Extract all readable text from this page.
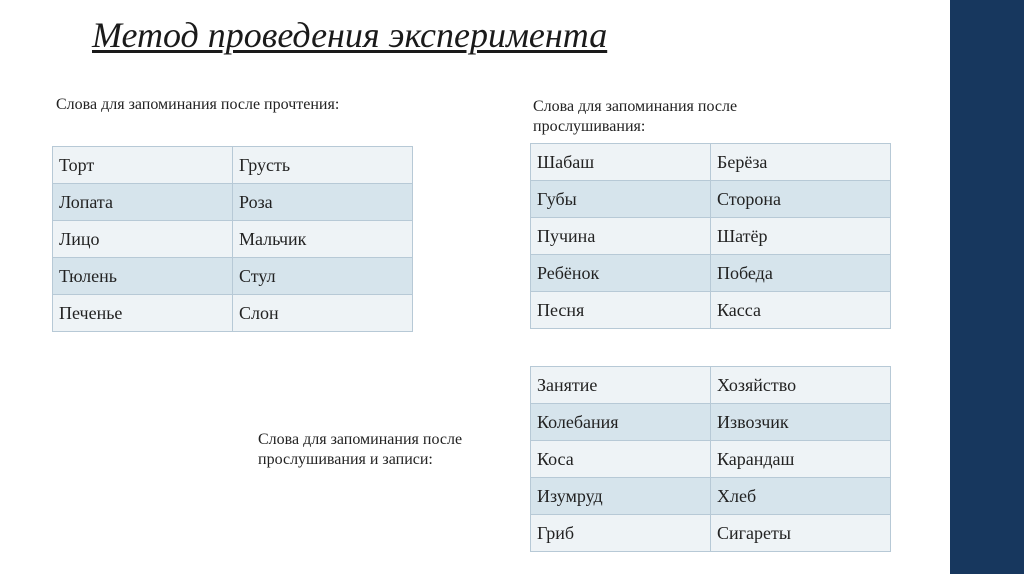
Метод проведения эксперимента
Слова для запоминания после прочтения:
Торт	Грусть
Лопата	Роза
Лицо	Мальчик
Тюлень	Стул
Печенье	Слон
Слова для запоминания после прослушивания:
Шабаш	Берёза
Губы	Сторона
Пучина	Шатёр
Ребёнок	Победа
Песня	Касса
Слова для запоминания после прослушивания и записи:
Занятие	Хозяйство
Колебания	Извозчик
Коса	Карандаш
Изумруд	Хлеб
Гриб	Сигареты
